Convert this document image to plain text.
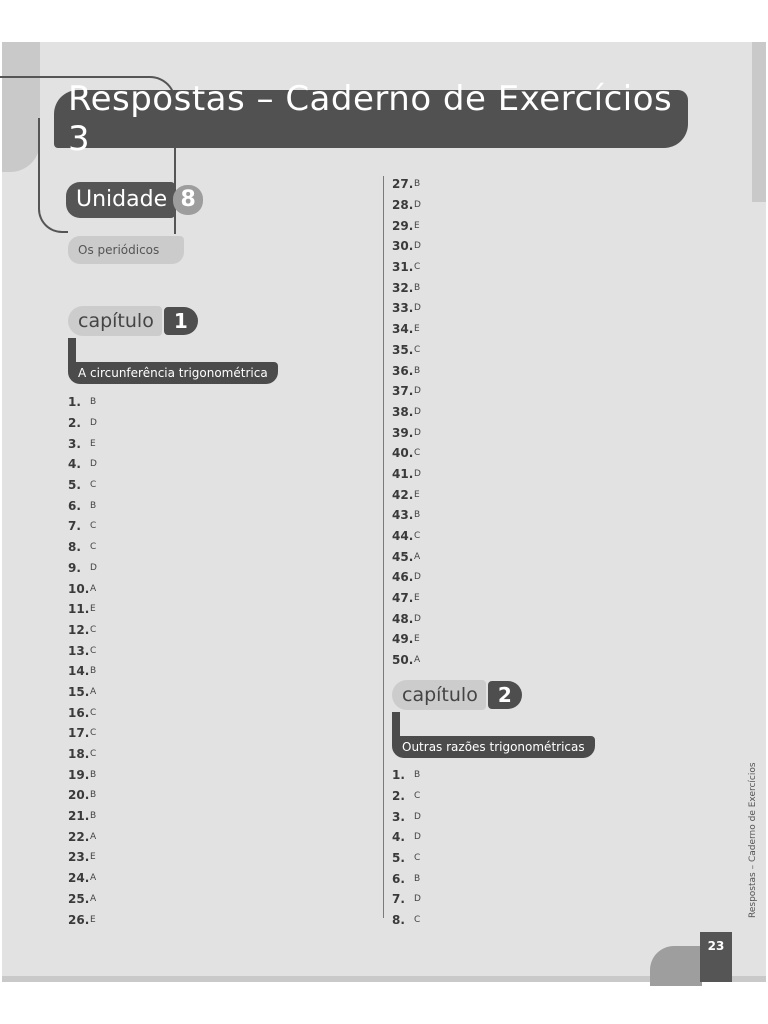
Respostas – Caderno de Exercícios 3
Unidade 8
Os periódicos
capítulo	1
A circunferência trigonométrica
1.	B
2.	D
3.	E
4.	D
5.	C
6.	B
7.	C
8.	C
9.	D
10. A
11. E
12. C
13. C
14. B
15. A
16. C
17. C
18. C
19. B
20. B
21. B
22. A
23. E
24. A
25. A
26. E
27. B
28. D
29. E
30. D
31. C
32. B
33. D
34. E
35. C
36. B
37. D
38. D
39. D
40. C
41. D
42. E
43. B
44. C
45. A
46. D
47. E
48. D
49. E
50. A
capítulo	2
Outras razões trigonométricas
1.	B
2.	C
3.	D
4.	D
5.	C
6.	B
7.	D
8.	C
Respostas – Caderno de Exercícios
23
